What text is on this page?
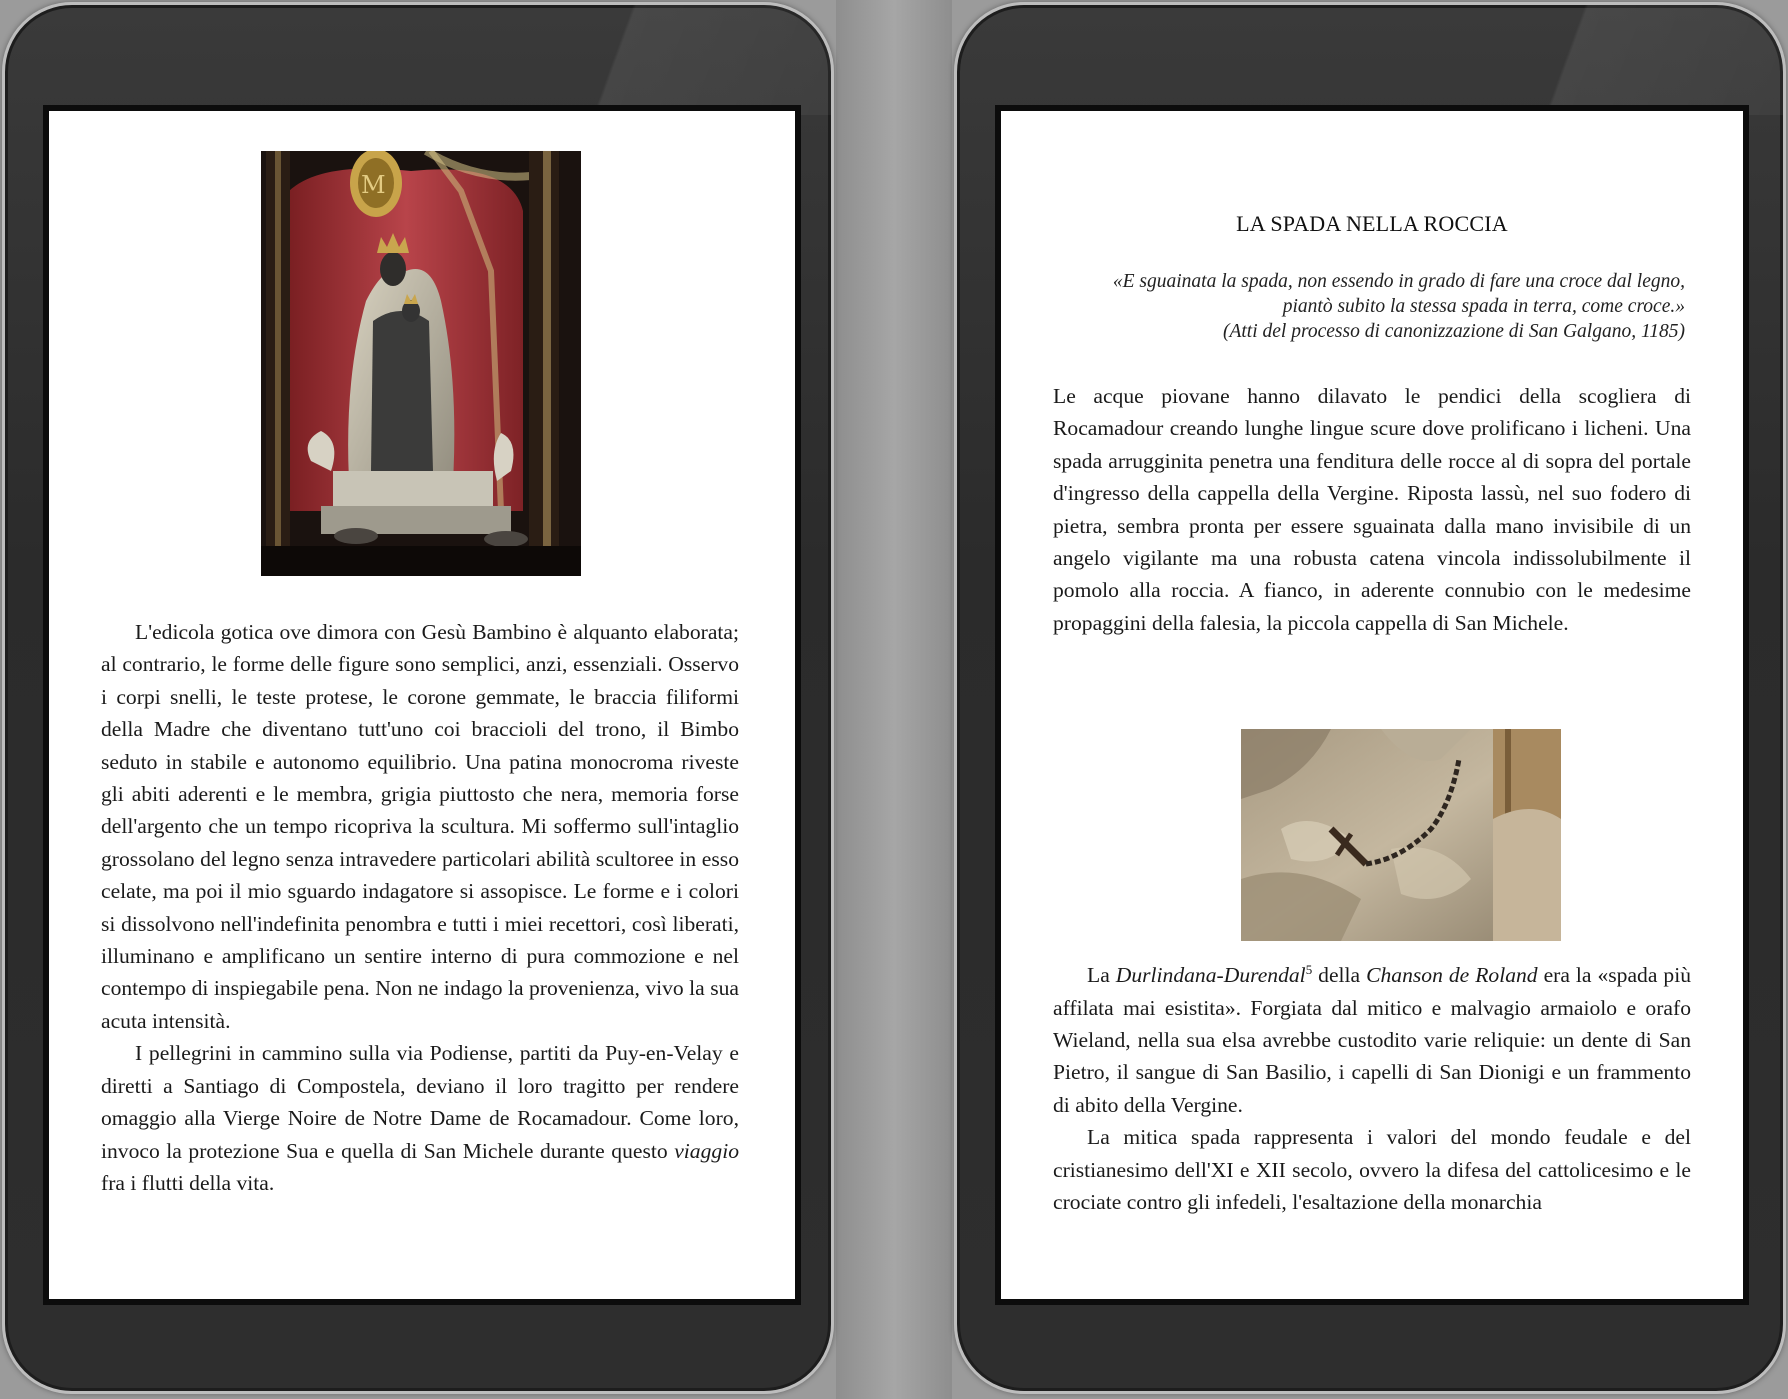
M

L'edicola gotica ove dimora con Gesù Bambino è alquanto elaborata; al contrario, le forme delle figure sono semplici, anzi, essenziali. Osservo i corpi snelli, le teste protese, le corone gemmate, le braccia filiformi della Madre che diventano tutt'uno coi braccioli del trono, il Bimbo seduto in stabile e autonomo equilibrio. Una patina monocroma riveste gli abiti aderenti e le membra, grigia piuttosto che nera, memoria forse dell'argento che un tempo ricopriva la scultura. Mi soffermo sull'intaglio grossolano del legno senza intravedere particolari abilità scultoree in esso celate, ma poi il mio sguardo indagatore si assopisce. Le forme e i colori si dissolvono nell'indefinita penombra e tutti i miei recettori, così liberati, illuminano e amplificano un sentire interno di pura commozione e nel contempo di inspiegabile pena. Non ne indago la provenienza, vivo la sua acuta intensità.

I pellegrini in cammino sulla via Podiense, partiti da Puy-en-Velay e diretti a Santiago di Compostela, deviano il loro tragitto per rendere omaggio alla Vierge Noire de Notre Dame de Rocamadour. Come loro, invoco la protezione Sua e quella di San Michele durante questo viaggio fra i flutti della vita.

LA SPADA NELLA ROCCIA
«E sguainata la spada, non essendo in grado di fare una croce dal legno,
piantò subito la stessa spada in terra, come croce.»
(Atti del processo di canonizzazione di San Galgano, 1185)

Le acque piovane hanno dilavato le pendici della scogliera di Rocamadour creando lunghe lingue scure dove prolificano i licheni. Una spada arrugginita penetra una fenditura delle rocce al di sopra del portale d'ingresso della cappella della Vergine. Riposta lassù, nel suo fodero di pietra, sembra pronta per essere sguainata dalla mano invisibile di un angelo vigilante ma una robusta catena vincola indissolubilmente il pomolo alla roccia. A fianco, in aderente connubio con le medesime propaggini della falesia, la piccola cappella di San Michele.

La Durlindana-Durendal$^5$ della Chanson de Roland era la «spada più affilata mai esistita». Forgiata dal mitico e malvagio armaiolo e orafo Wieland, nella sua elsa avrebbe custodito varie reliquie: un dente di San Pietro, il sangue di San Basilio, i capelli di San Dionigi e un frammento di abito della Vergine.

La mitica spada rappresenta i valori del mondo feudale e del cristianesimo dell'XI e XII secolo, ovvero la difesa del cattolicesimo e le crociate contro gli infedeli, l'esaltazione della monarchia
